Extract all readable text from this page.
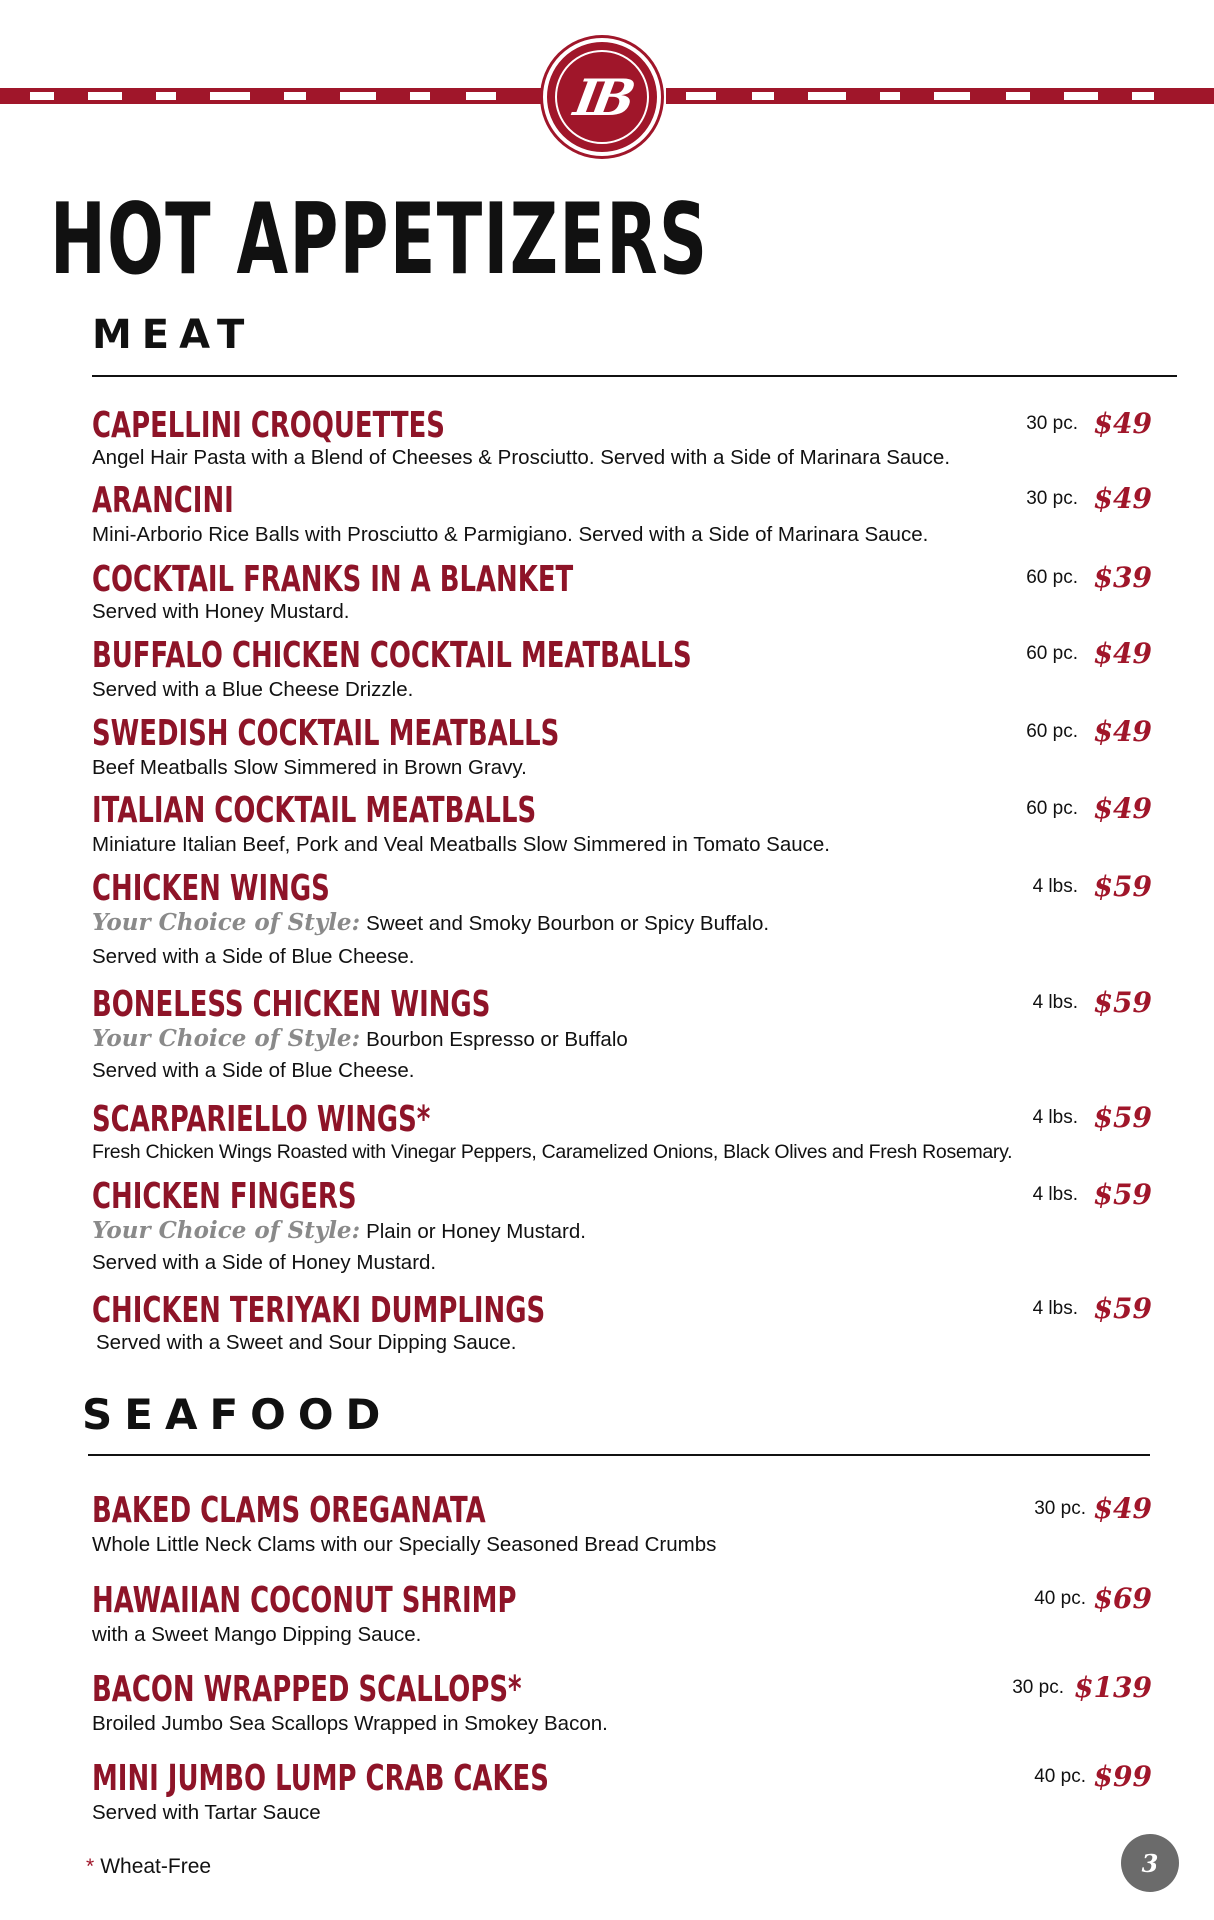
IB
HOT APPETIZERS
MEAT
CAPELLINI CROQUETTES	30 pc. $49
Angel Hair Pasta with a Blend of Cheeses & Prosciutto. Served with a Side of Marinara Sauce.
ARANCINI	30 pc. $49
Mini-Arborio Rice Balls with Prosciutto & Parmigiano. Served with a Side of Marinara Sauce.
COCKTAIL FRANKS IN A BLANKET	60 pc. $39
Served with Honey Mustard.
BUFFALO CHICKEN COCKTAIL MEATBALLS	60 pc. $49
Served with a Blue Cheese Drizzle.
SWEDISH COCKTAIL MEATBALLS	60 pc. $49
Beef Meatballs Slow Simmered in Brown Gravy.
ITALIAN COCKTAIL MEATBALLS	60 pc. $49
Miniature Italian Beef, Pork and Veal Meatballs Slow Simmered in Tomato Sauce.
CHICKEN WINGS	4 lbs. $59
Your Choice of Style: Sweet and Smoky Bourbon or Spicy Buffalo.
Served with a Side of Blue Cheese.
BONELESS CHICKEN WINGS	4 lbs. $59
Your Choice of Style: Bourbon Espresso or Buffalo
Served with a Side of Blue Cheese.
SCARPARIELLO WINGS*	4 lbs. $59
Fresh Chicken Wings Roasted with Vinegar Peppers, Caramelized Onions, Black Olives and Fresh Rosemary.
CHICKEN FINGERS	4 lbs. $59
Your Choice of Style: Plain or Honey Mustard.
Served with a Side of Honey Mustard.
CHICKEN TERIYAKI DUMPLINGS	4 lbs. $59
Served with a Sweet and Sour Dipping Sauce.
SEAFOOD
BAKED CLAMS OREGANATA	30 pc. $49
Whole Little Neck Clams with our Specially Seasoned Bread Crumbs
HAWAIIAN COCONUT SHRIMP	40 pc. $69
with a Sweet Mango Dipping Sauce.
BACON WRAPPED SCALLOPS*	30 pc. $139
Broiled Jumbo Sea Scallops Wrapped in Smokey Bacon.
MINI JUMBO LUMP CRAB CAKES	40 pc. $99
Served with Tartar Sauce
* Wheat-Free	3
